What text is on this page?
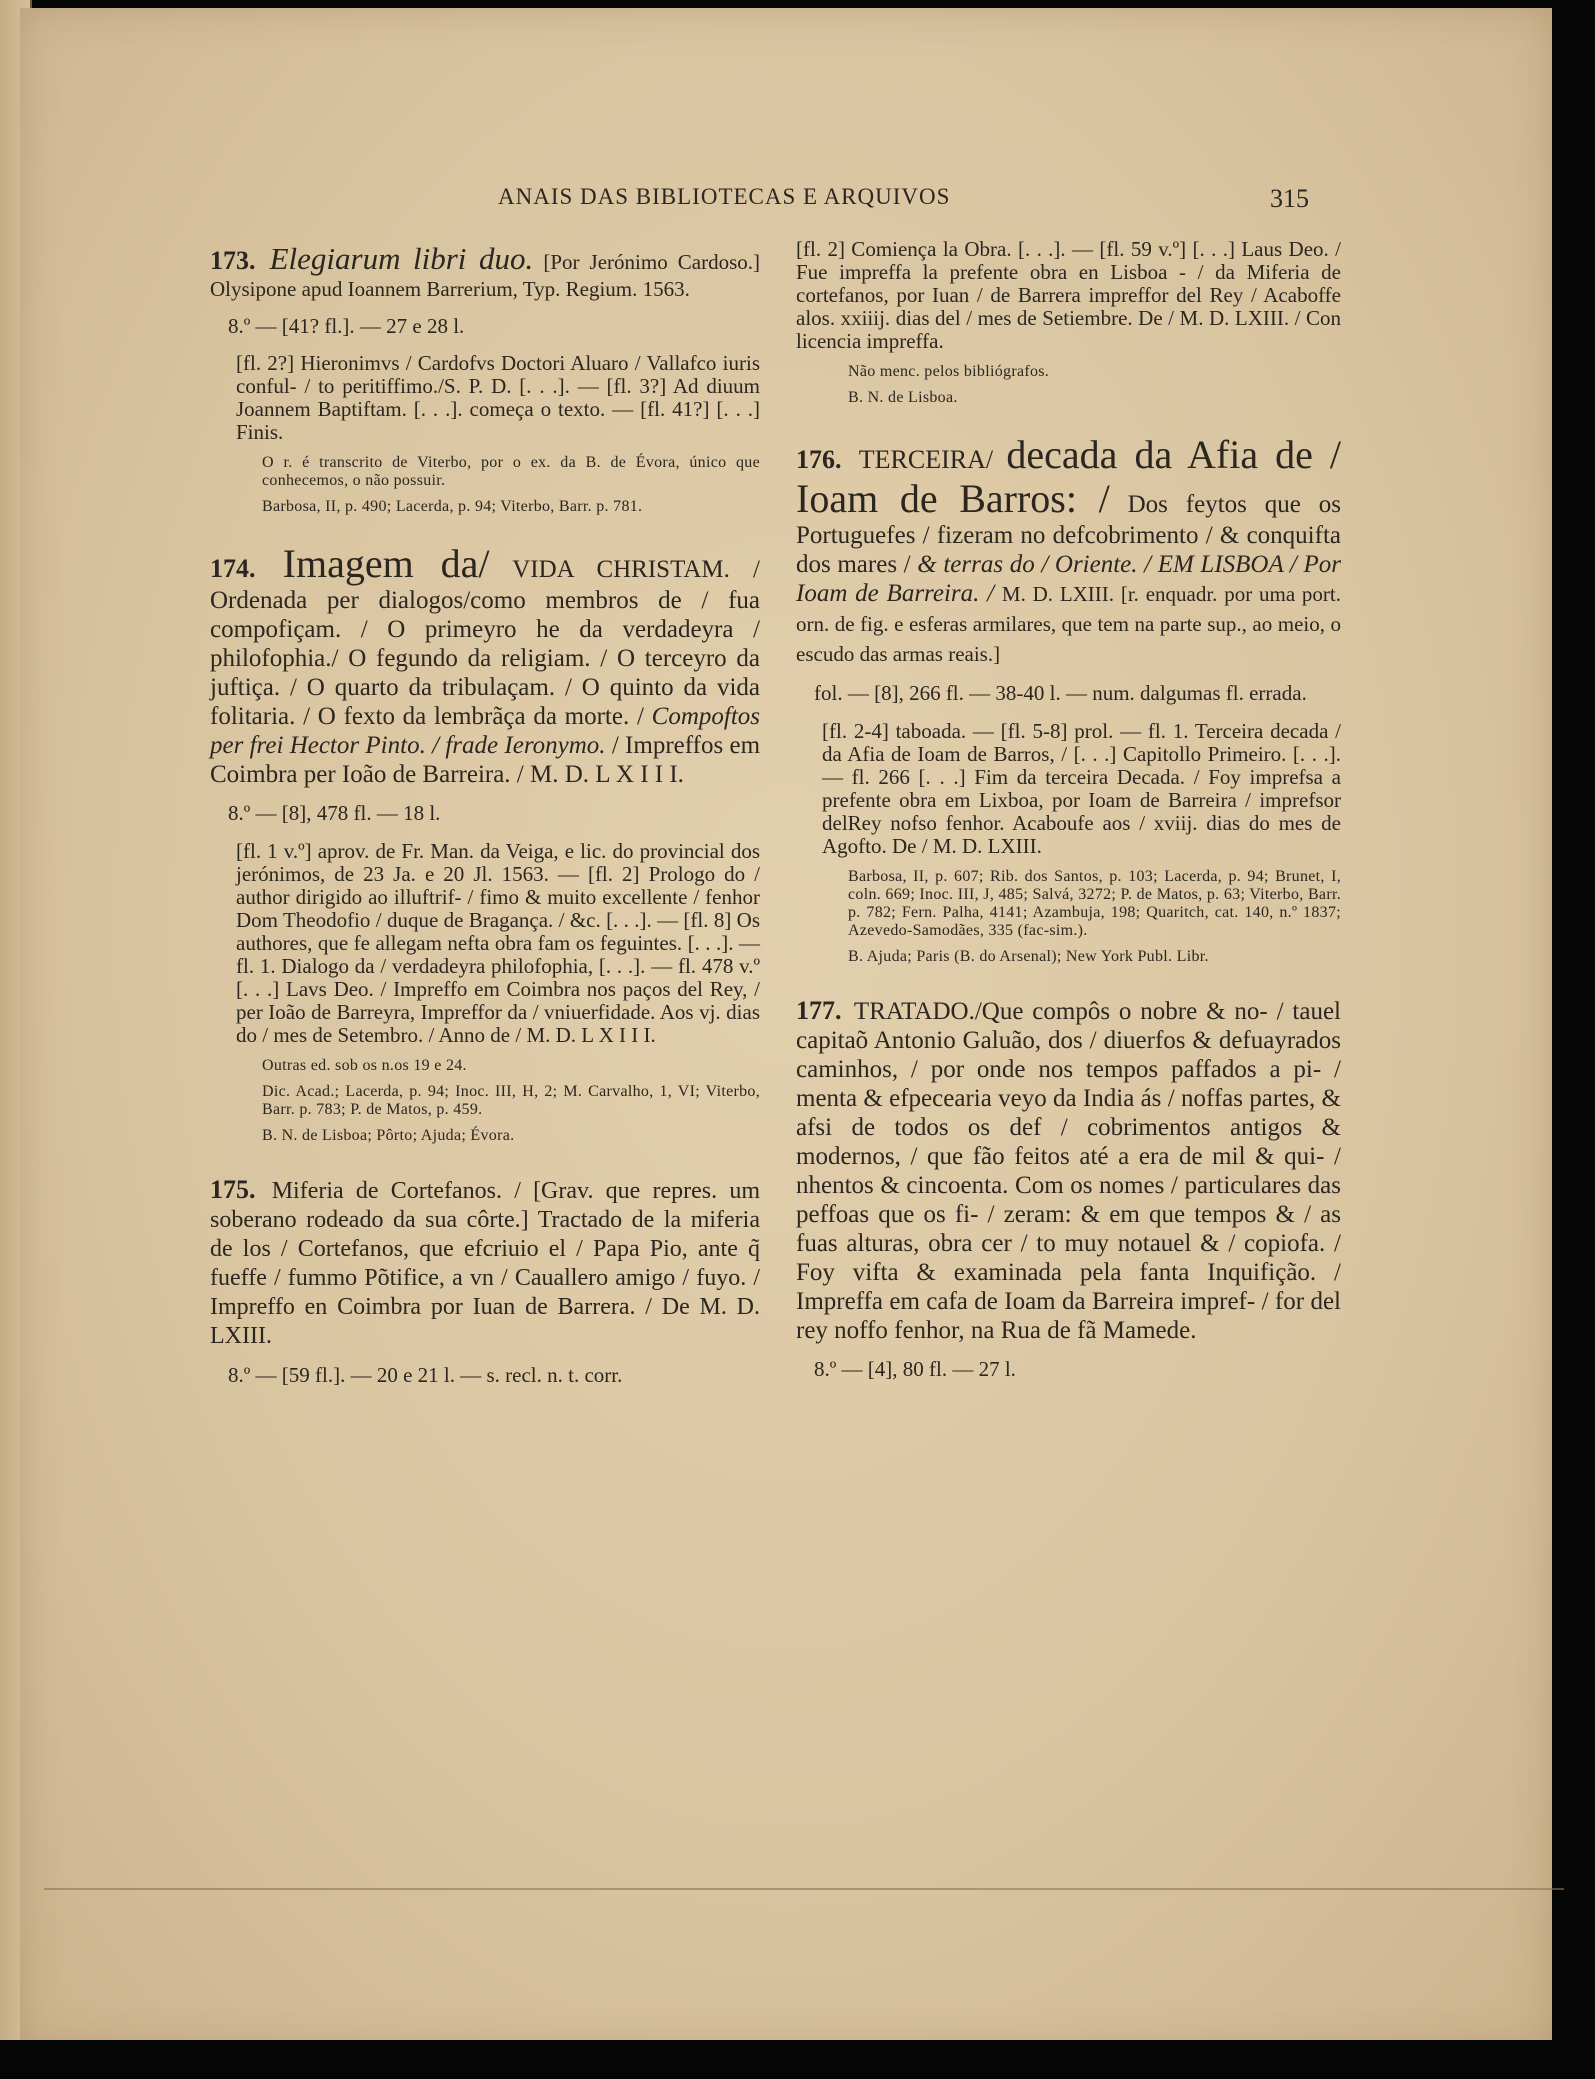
ANAIS DAS BIBLIOTECAS E ARQUIVOS	315

173. Elegiarum libri duo. [Por Jerónimo Cardoso.] Olysipone apud Ioannem Barrerium, Typ. Regium. 1563.

8.º — [41? fl.]. — 27 e 28 l.

[fl. 2?] Hieronimvs / Cardofvs Doctori Aluaro / Vallafco iuris conful- / to peritiffimo./S. P. D. [. . .]. — [fl. 3?] Ad diuum Joannem Baptiftam. [. . .]. começa o texto. — [fl. 41?] [. . .] Finis.

O r. é transcrito de Viterbo, por o ex. da B. de Évora, único que conhecemos, o não possuir.

Barbosa, II, p. 490; Lacerda, p. 94; Viterbo, Barr. p. 781.

174. Imagem da/ VIDA CHRISTAM. / Ordenada per dialogos/como membros de / fua compofiçam. / O primeyro he da verdadeyra / philofophia./ O fegundo da religiam. / O terceyro da juftiça. / O quarto da tribulaçam. / O quinto da vida folitaria. / O fexto da lembrãça da morte. / Compoftos per frei Hector Pinto. / frade Ieronymo. / Impreffos em Coimbra per Ioão de Barreira. / M. D. L X I I I.

8.º — [8], 478 fl. — 18 l.

[fl. 1 v.º] aprov. de Fr. Man. da Veiga, e lic. do provincial dos jerónimos, de 23 Ja. e 20 Jl. 1563. — [fl. 2] Prologo do / author dirigido ao illuftrif- / fimo & muito excellente / fenhor Dom Theodofio / duque de Bragança. / &c. [. . .]. — [fl. 8] Os authores, que fe allegam nefta obra fam os feguintes. [. . .]. — fl. 1. Dialogo da / verdadeyra philofophia, [. . .]. — fl. 478 v.º [. . .] Lavs Deo. / Impreffo em Coimbra nos paços del Rey, / per Ioão de Barreyra, Impreffor da / vniuerfidade. Aos vj. dias do / mes de Setembro. / Anno de / M. D. L X I I I.

Outras ed. sob os n.os 19 e 24.

Dic. Acad.; Lacerda, p. 94; Inoc. III, H, 2; M. Carvalho, 1, VI; Viterbo, Barr. p. 783; P. de Matos, p. 459.

B. N. de Lisboa; Pôrto; Ajuda; Évora.

175. Miferia de Cortefanos. / [Grav. que repres. um soberano rodeado da sua côrte.] Tractado de la miferia de los / Cortefanos, que efcriuio el / Papa Pio, ante q̃ fueffe / fummo Põtifice, a vn / Cauallero amigo / fuyo. / Impreffo en Coimbra por Iuan de Barrera. / De M. D. LXIII.

8.º — [59 fl.]. — 20 e 21 l. — s. recl. n. t. corr.

[fl. 2] Comiença la Obra. [. . .]. — [fl. 59 v.º] [. . .] Laus Deo. / Fue impreffa la prefente obra en Lisboa - / da Miferia de cortefanos, por Iuan / de Barrera impreffor del Rey / Acaboffe alos. xxiiij. dias del / mes de Setiembre. De / M. D. LXIII. / Con licencia impreffa.

Não menc. pelos bibliógrafos.

B. N. de Lisboa.

176. TERCEIRA/ decada da Afia de / Ioam de Barros: / Dos feytos que os Portuguefes / fizeram no defcobrimento / & conquifta dos mares / & terras do / Oriente. / EM LISBOA / Por Ioam de Barreira. / M. D. LXIII. [r. enquadr. por uma port. orn. de fig. e esferas armilares, que tem na parte sup., ao meio, o escudo das armas reais.]

fol. — [8], 266 fl. — 38-40 l. — num. dalgumas fl. errada.

[fl. 2-4] taboada. — [fl. 5-8] prol. — fl. 1. Terceira decada / da Afia de Ioam de Barros, / [. . .] Capitollo Primeiro. [. . .]. — fl. 266 [. . .] Fim da terceira Decada. / Foy imprefsa a prefente obra em Lixboa, por Ioam de Barreira / imprefsor delRey nofso fenhor. Acaboufe aos / xviij. dias do mes de Agofto. De / M. D. LXIII.

Barbosa, II, p. 607; Rib. dos Santos, p. 103; Lacerda, p. 94; Brunet, I, coln. 669; Inoc. III, J, 485; Salvá, 3272; P. de Matos, p. 63; Viterbo, Barr. p. 782; Fern. Palha, 4141; Azambuja, 198; Quaritch, cat. 140, n.º 1837; Azevedo-Samodães, 335 (fac-sim.).

B. Ajuda; Paris (B. do Arsenal); New York Publ. Libr.

177. TRATADO./Que compôs o nobre & no- / tauel capitaõ Antonio Galuão, dos / diuerfos & defuayrados caminhos, / por onde nos tempos paffados a pi- / menta & efpecearia veyo da India ás / noffas partes, & afsi de todos os def / cobrimentos antigos & modernos, / que fão feitos até a era de mil & qui- / nhentos & cincoenta. Com os nomes / particulares das peffoas que os fi- / zeram: & em que tempos & / as fuas alturas, obra cer / to muy notauel & / copiofa. / Foy vifta & examinada pela fanta Inquifição. / Impreffa em cafa de Ioam da Barreira impref- / for del rey noffo fenhor, na Rua de fã Mamede.

8.º — [4], 80 fl. — 27 l.
